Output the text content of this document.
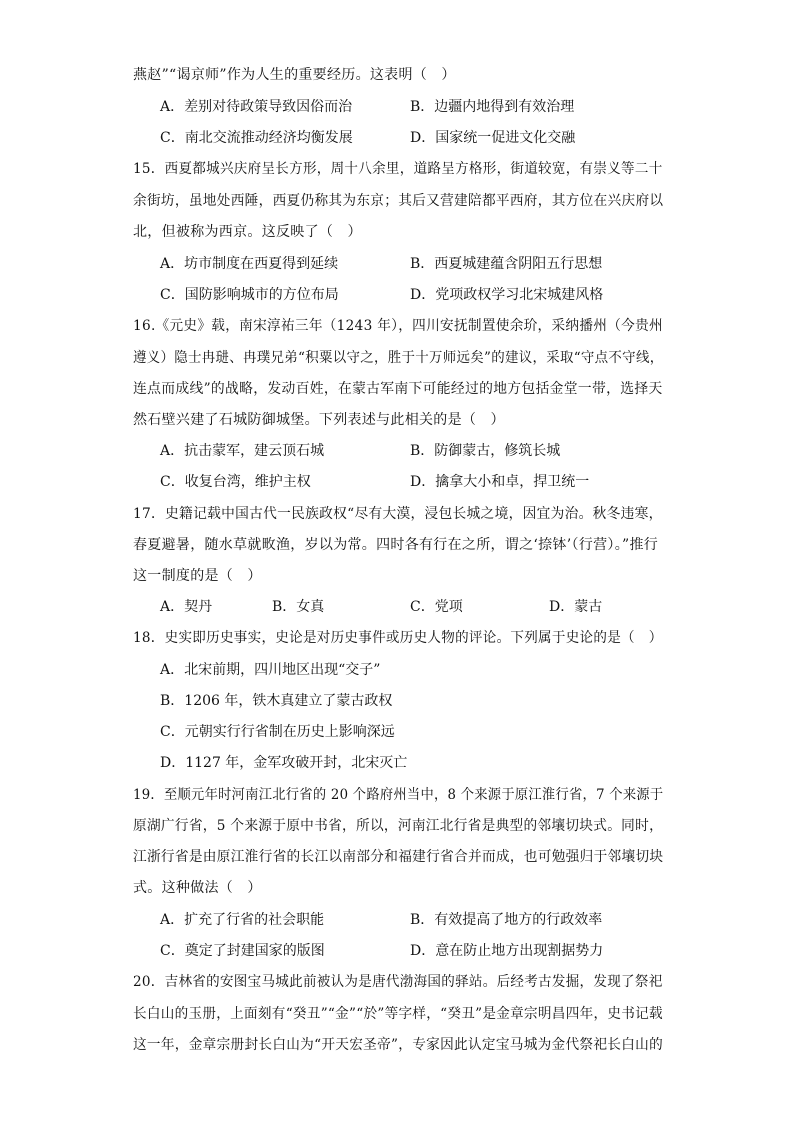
燕赵”“谒京师”作为人生的重要经历。这表明（　）
A．差别对待政策导致因俗而治	B．边疆内地得到有效治理
C．南北交流推动经济均衡发展	D．国家统一促进文化交融
15．西夏都城兴庆府呈长方形，周十八余里，道路呈方格形，街道较宽，有崇义等二十
余街坊，虽地处西陲，西夏仍称其为东京；其后又营建陪都平西府，其方位在兴庆府以
北，但被称为西京。这反映了（　）
A．坊市制度在西夏得到延续	B．西夏城建蕴含阴阳五行思想
C．国防影响城市的方位布局	D．党项政权学习北宋城建风格
16.《元史》载，南宋淳祐三年（1243 年），四川安抚制置使余玠，采纳播州（今贵州
遵义）隐士冉琎、冉璞兄弟“积粟以守之，胜于十万师远矣”的建议，采取“守点不守线，
连点而成线”的战略，发动百姓，在蒙古军南下可能经过的地方包括金堂一带，选择天
然石壁兴建了石城防御城堡。下列表述与此相关的是（　）
A．抗击蒙军，建云顶石城	B．防御蒙古，修筑长城
C．收复台湾，维护主权	D．擒拿大小和卓，捍卫统一
17．史籍记载中国古代一民族政权“尽有大漠，浸包长城之境，因宜为治。秋冬违寒，
春夏避暑，随水草就畋渔，岁以为常。四时各有行在之所，谓之‘捺钵’（行营）。”推行
这一制度的是（　）
A．契丹	B．女真	C．党项	D．蒙古
18．史实即历史事实，史论是对历史事件或历史人物的评论。下列属于史论的是（　）
A．北宋前期，四川地区出现“交子”
B．1206 年，铁木真建立了蒙古政权
C．元朝实行行省制在历史上影响深远
D．1127 年，金军攻破开封，北宋灭亡
19．至顺元年时河南江北行省的 20 个路府州当中，8 个来源于原江淮行省，7 个来源于
原湖广行省，5 个来源于原中书省，所以，河南江北行省是典型的邻壤切块式。同时，
江浙行省是由原江淮行省的长江以南部分和福建行省合并而成，也可勉强归于邻壤切块
式。这种做法（　）
A．扩充了行省的社会职能	B．有效提高了地方的行政效率
C．奠定了封建国家的版图	D．意在防止地方出现割据势力
20．吉林省的安图宝马城此前被认为是唐代渤海国的驿站。后经考古发掘，发现了祭祀
长白山的玉册，上面刻有“癸丑”“金”“於”等字样，“癸丑”是金章宗明昌四年，史书记载
这一年，金章宗册封长白山为“开天宏圣帝”，专家因此认定宝马城为金代祭祀长白山的
